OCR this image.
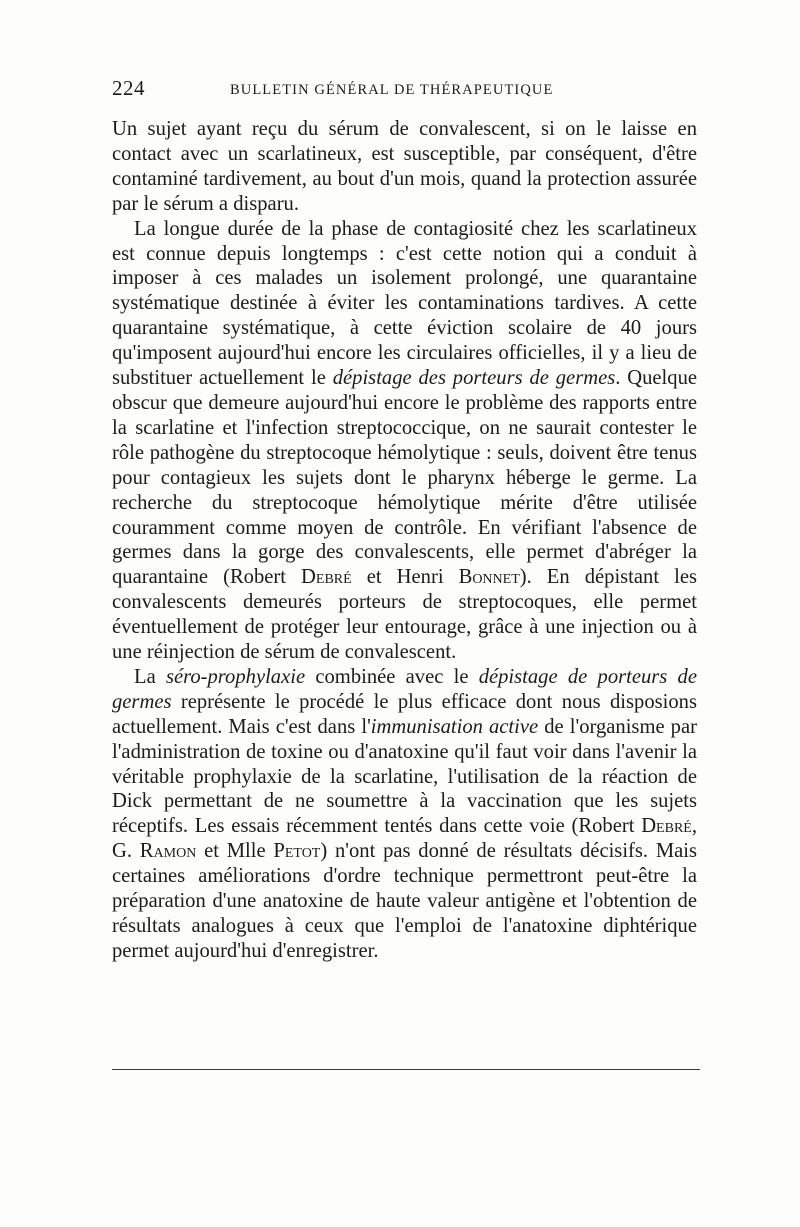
224	BULLETIN GÉNÉRAL DE THÉRAPEUTIQUE

Un sujet ayant reçu du sérum de convalescent, si on le laisse en contact avec un scarlatineux, est susceptible, par conséquent, d'être contaminé tardivement, au bout d'un mois, quand la protection assurée par le sérum a disparu.

La longue durée de la phase de contagiosité chez les scarlatineux est connue depuis longtemps : c'est cette notion qui a conduit à imposer à ces malades un isolement prolongé, une quarantaine systématique destinée à éviter les contaminations tardives. A cette quarantaine systématique, à cette éviction scolaire de 40 jours qu'imposent aujourd'hui encore les circulaires officielles, il y a lieu de substituer actuellement le dépistage des porteurs de germes. Quelque obscur que demeure aujourd'hui encore le problème des rapports entre la scarlatine et l'infection streptococcique, on ne saurait contester le rôle pathogène du streptocoque hémolytique : seuls, doivent être tenus pour contagieux les sujets dont le pharynx héberge le germe. La recherche du streptocoque hémolytique mérite d'être utilisée couramment comme moyen de contrôle. En vérifiant l'absence de germes dans la gorge des convalescents, elle permet d'abréger la quarantaine (Robert Debré et Henri Bonnet). En dépistant les convalescents demeurés porteurs de streptocoques, elle permet éventuellement de protéger leur entourage, grâce à une injection ou à une réinjection de sérum de convalescent.

La séro-prophylaxie combinée avec le dépistage de porteurs de germes représente le procédé le plus efficace dont nous disposions actuellement. Mais c'est dans l'immunisation active de l'organisme par l'administration de toxine ou d'anatoxine qu'il faut voir dans l'avenir la véritable prophylaxie de la scarlatine, l'utilisation de la réaction de Dick permettant de ne soumettre à la vaccination que les sujets réceptifs. Les essais récemment tentés dans cette voie (Robert Debré, G. Ramon et Mlle Petot) n'ont pas donné de résultats décisifs. Mais certaines améliorations d'ordre technique permettront peut-être la préparation d'une anatoxine de haute valeur antigène et l'obtention de résultats analogues à ceux que l'emploi de l'anatoxine diphtérique permet aujourd'hui d'enregistrer.
